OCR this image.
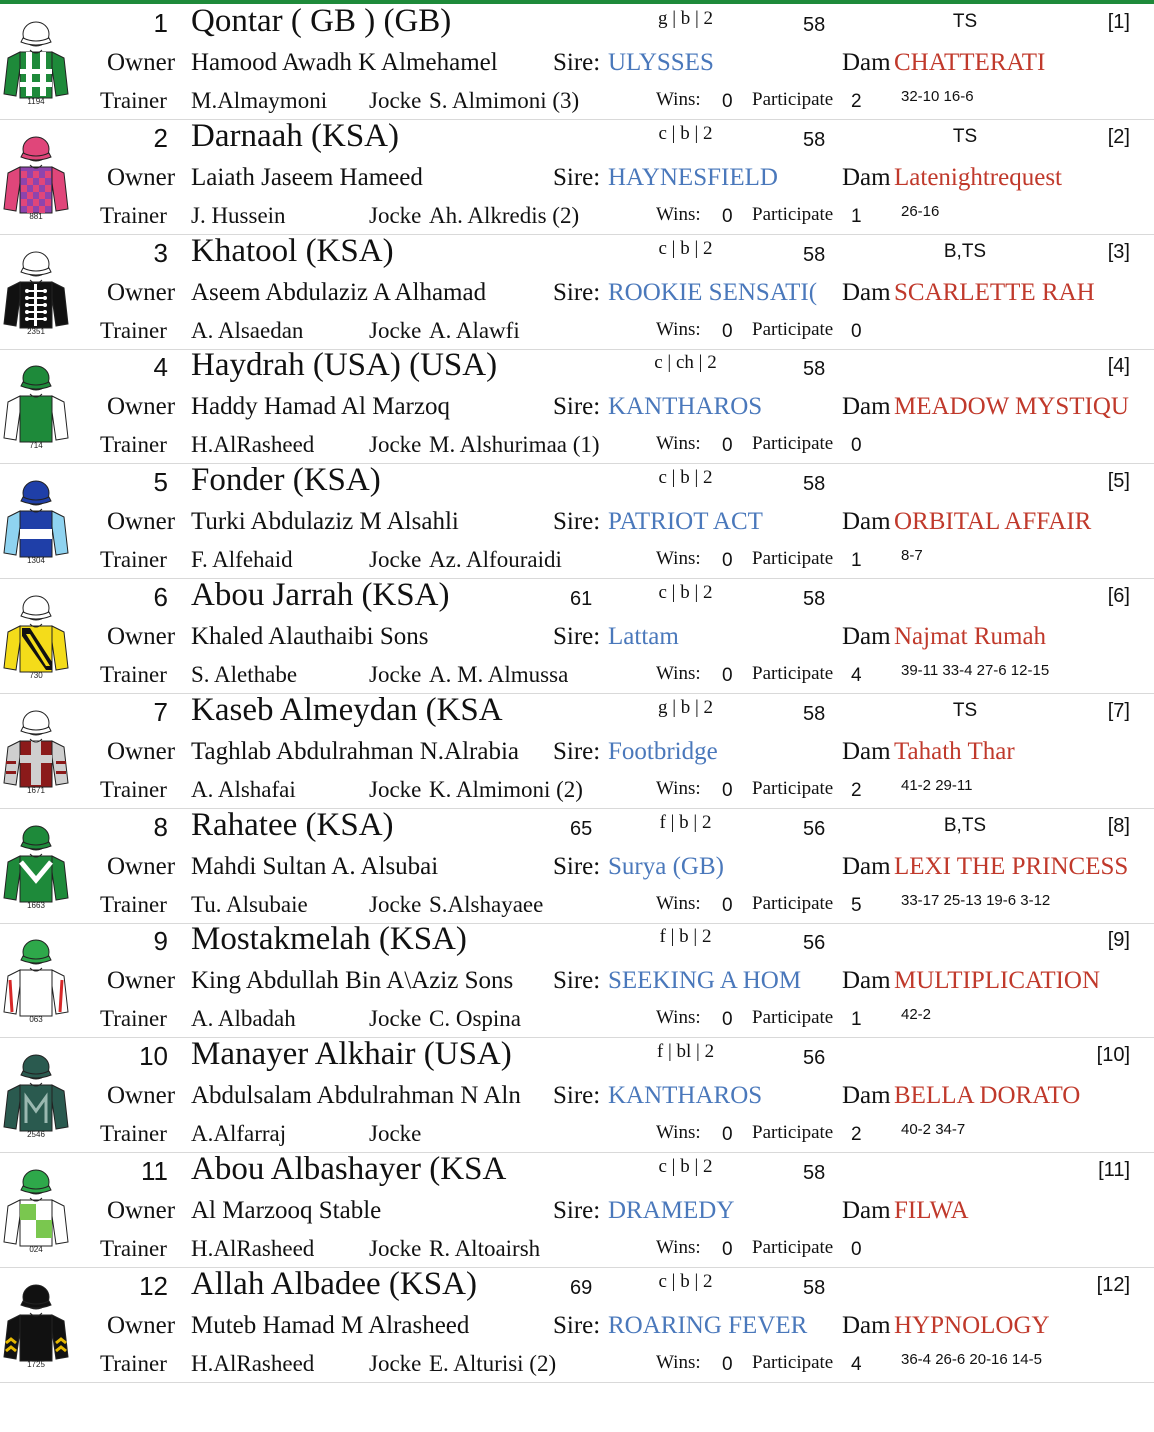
1194
1 Qontar ( GB ) (GB)	g | b | 2	58	TS	[1]
Owner Hamood Awadh K Almehamel	Sire: ULYSSES	Dam CHATTERATI
Trainer	M.Almaymoni	Jocke S. Almimoni (3)	Wins:	0	Participate 2	32-10 16-6
881
2 Darnaah (KSA)	c | b | 2	58	TS	[2]
Owner Laiath Jaseem Hameed	Sire: HAYNESFIELD	Dam Latenightrequest
Trainer	J. Hussein	Jocke Ah. Alkredis (2)	Wins:	0	Participate 1	26-16
2351
3 Khatool (KSA)	c | b | 2	58	B,TS	[3]
Owner Aseem Abdulaziz A Alhamad	Sire: ROOKIE SENSATI( Dam SCARLETTE RAH
Trainer	A. Alsaedan	Jocke A. Alawfi	Wins:	0	Participate 0
714
4 Haydrah (USA) (USA)	c | ch | 2	58	[4]
Owner Haddy Hamad Al Marzoq	Sire: KANTHAROS	Dam MEADOW MYSTIQU
Trainer	H.AlRasheed	Jocke M. Alshurimaa (1)	Wins:	0	Participate 0
1304
5 Fonder (KSA)	c | b | 2	58	[5]
Owner Turki Abdulaziz M Alsahli	Sire: PATRIOT ACT	Dam ORBITAL AFFAIR
Trainer	F. Alfehaid	Jocke Az. Alfouraidi	Wins:	0	Participate 1	8-7
730
6 Abou Jarrah (KSA)	61	c | b | 2	58	[6]
Owner Khaled Alauthaibi Sons	Sire: Lattam	Dam Najmat Rumah
Trainer	S. Alethabe	Jocke A. M. Almussa	Wins:	0	Participate 4	39-11 33-4 27-6 12-15
1671
7 Kaseb Almeydan (KSA	g | b | 2	58	TS	[7]
Owner Taghlab Abdulrahman N.Alrabia	Sire: Footbridge	Dam Tahath Thar
Trainer	A. Alshafai	Jocke K. Almimoni (2)	Wins:	0	Participate 2	41-2 29-11
1663
8 Rahatee (KSA)	65	f | b | 2	56	B,TS	[8]
Owner Mahdi Sultan A. Alsubai	Sire: Surya (GB)	Dam LEXI THE PRINCESS
Trainer	Tu. Alsubaie	Jocke S.Alshayaee	Wins:	0	Participate 5	33-17 25-13 19-6 3-12
063
9 Mostakmelah (KSA)	f | b | 2	56	[9]
Owner King Abdullah Bin A\Aziz Sons	Sire: SEEKING A HOM	Dam MULTIPLICATION
Trainer	A. Albadah	Jocke C. Ospina	Wins:	0	Participate 1	42-2
2546
10 Manayer Alkhair (USA)	f | bl | 2	56	[10]
Owner Abdulsalam Abdulrahman N Aln	Sire: KANTHAROS	Dam BELLA DORATO
Trainer	A.Alfarraj	Jocke	Wins:	0	Participate 2	40-2 34-7
024
11 Abou Albashayer (KSA	c | b | 2	58	[11]
Owner Al Marzooq Stable	Sire: DRAMEDY	Dam FILWA
Trainer	H.AlRasheed	Jocke R. Altoairsh	Wins:	0	Participate 0
1725
12 Allah Albadee (KSA)	69	c | b | 2	58	[12]
Owner Muteb Hamad M Alrasheed	Sire: ROARING FEVER	Dam HYPNOLOGY
Trainer	H.AlRasheed	Jocke E. Alturisi (2)	Wins:	0	Participate 4	36-4 26-6 20-16 14-5
